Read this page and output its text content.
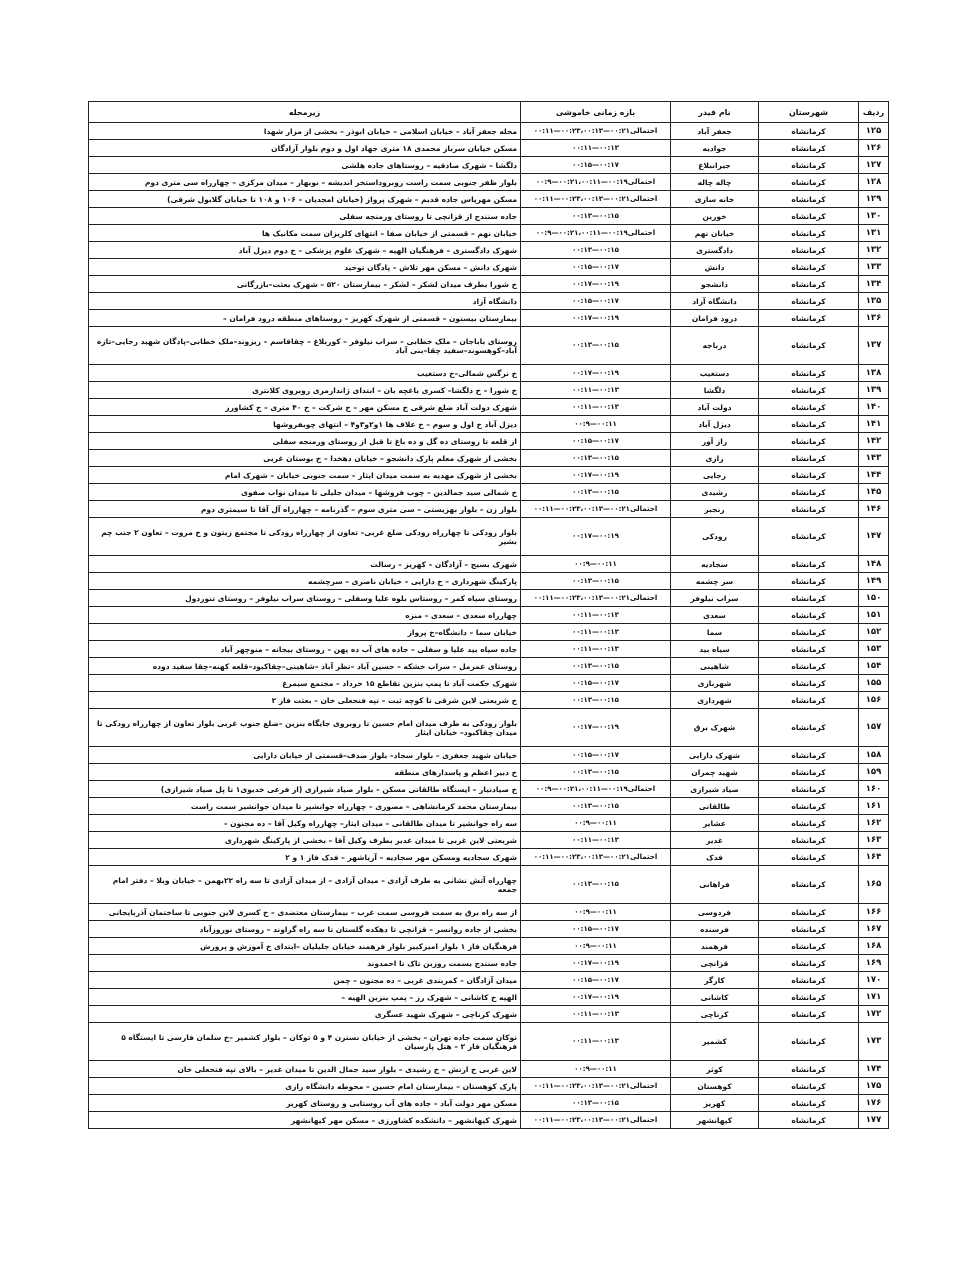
ردیف	شهرستان	نام فیدر	بازه زمانی خاموشی	زیرمحله
۱۲۵	کرمانشاه	جعفر آباد	احتمالی۰۰:۲۱—۰۰:۲۳،۰۰:۱۳—۰۰:۱۱	محله جعفر آباد – خیابان اسلامی – خیابان ابوذر – بخشی از مزار شهدا
۱۲۶	کرمانشاه	جوادیه	۰۰:۱۳—۰۰:۱۱	مسکن خیابان سرباز محمدی ۱۸ متری جهاد اول و دوم بلوار آزادگان
۱۲۷	کرمانشاه	جیرانبلاغ	۰۰:۱۷—۰۰:۱۵	دلگشا – شهرک صادقیه – روستاهای جاده هلشی
۱۲۸	کرمانشاه	چاله چاله	احتمالی۰۰:۱۹—۰۰:۲۱،۰۰:۱۱—۰۰:۹	بلوار ظفر جنوبی سمت راست روبروداستخر اندیشه – نوبهار – میدان مرکزی – چهارراه سی متری دوم
۱۲۹	کرمانشاه	خانه سازی	احتمالی۰۰:۲۱—۰۰:۲۳،۰۰:۱۳—۰۰:۱۱	مسکن مهرپاس جاده قدیم – شهرک پرواز (خیابان امجدیان – ۱۰۶ و ۱۰۸ تا خیابان گلابول شرقی)
۱۳۰	کرمانشاه	خورین	۰۰:۱۵—۰۰:۱۳	جاده سنندج از قزانچی تا روستای ورمنجه سفلی
۱۳۱	کرمانشاه	خیابان نهم	احتمالی۰۰:۱۹—۰۰:۲۱،۰۰:۱۱—۰۰:۹	خیابان نهم – قسمتی از خیابان صفا – انتهای کلریزان سمت مکانیک ها
۱۳۲	کرمانشاه	دادگستری	۰۰:۱۵—۰۰:۱۳	شهرک دادگستری – فرهنگیان الهیه – شهرک علوم پزشکی – خ دوم دیزل آباد
۱۳۳	کرمانشاه	دانش	۰۰:۱۷—۰۰:۱۵	شهرک دانش – مسکن مهر تلاش – پادگان توحید
۱۳۴	کرمانشاه	دانشجو	۰۰:۱۹—۰۰:۱۷	خ شورا بطرف میدان لشکر – لشکر – بیمارستان ۵۲۰ – شهرک بعثت–بازرگانی
۱۳۵	کرمانشاه	دانشگاه آزاد	۰۰:۱۷—۰۰:۱۵	دانشگاه آزاد
۱۳۶	کرمانشاه	درود فرامان	۰۰:۱۹—۰۰:۱۷	بیمارستان بیستون – قسمتی از شهرک کهریز – روستاهای منطقه درود فرامان –
۱۳۷	کرمانشاه	درباجه	۰۰:۱۵—۰۰:۱۳	روستای باباجان – ملک خطابی – سراب نیلوفر – کوربلاغ – چقاقاسم – ریزوند–ملک خطابی–پادگان شهید رجایی–تازه آباد–کوهسوند–سفید چقا–بنی آباد
۱۳۸	کرمانشاه	دستغیب	۰۰:۱۹—۰۰:۱۷	خ نرگس شمالی–خ دستغیب
۱۳۹	کرمانشاه	دلگشا	۰۰:۱۳—۰۰:۱۱	خ شورا – خ دلگشا– کسری باغچه بان – ابتدای ژاندارمری روبروی کلانتری
۱۴۰	کرمانشاه	دولت آباد	۰۰:۱۳—۰۰:۱۱	شهرک دولت آباد ضلع شرقی خ مسکن مهر – خ شرکت – خ ۴۰ متری – خ کشاورز
۱۴۱	کرمانشاه	دیزل آباد	۰۰:۱۱—۰۰:۹	دیزل آباد خ اول و سوم – خ علاف ها ۱و۲و۳و۴ – انتهای چوبفروشها
۱۴۲	کرمانشاه	راز آور	۰۰:۱۷—۰۰:۱۵	از قلعه تا روستای ده گل و ده باغ تا قبل از روستای ورمنجه سفلی
۱۴۳	کرمانشاه	رازی	۰۰:۱۵—۰۰:۱۳	بخشی از شهرک معلم پارک دانشجو – خیابان دهخدا – خ بوستان غربی
۱۴۴	کرمانشاه	رجایی	۰۰:۱۹—۰۰:۱۷	بخشی از شهرک مهدیه به سمت میدان ایثار – سمت جنوبی خیابان – شهرک امام
۱۴۵	کرمانشاه	رشیدی	۰۰:۱۵—۰۰:۱۳	خ شمالی سید جمالدین – چوب فروشها – میدان جلیلی تا میدان نواب صفوی
۱۴۶	کرمانشاه	رنجبر	احتمالی۰۰:۲۱—۰۰:۲۳،۰۰:۱۳—۰۰:۱۱	بلوار زن – بلوار بهزیستی – سی متری سوم – گذرنامه – چهارراه آل آقا تا سیمتری دوم
۱۴۷	کرمانشاه	رودکی	۰۰:۱۹—۰۰:۱۷	بلوار رودکی تا چهارراه رودکی ضلع غربی– تعاون از چهارراه رودکی تا مجتمع زیتون و خ مروت – تعاون ۲ جنب چم بشیر
۱۴۸	کرمانشاه	سجادیه	۰۰:۱۱—۰۰:۹	شهرک بسیج – آزادگان – کهریز – رسالت
۱۴۹	کرمانشاه	سر چشمه	۰۰:۱۵—۰۰:۱۳	پارکینگ شهرداری – خ دارایی – خیابان ناصری – سرچشمه
۱۵۰	کرمانشاه	سراب نیلوفر	احتمالی۰۰:۲۱—۰۰:۲۳،۰۰:۱۳—۰۰:۱۱	روستای سیاه کمر – روستاس بلوه علیا وسفلی – روستای سراب نیلوفر – روستای تنوردول
۱۵۱	کرمانشاه	سعدی	۰۰:۱۳—۰۰:۱۱	چهارراه سعدی – سعدی – منزه
۱۵۲	کرمانشاه	سما	۰۰:۱۳—۰۰:۱۱	خیابان سما – دانشگاه–خ پرواز
۱۵۳	کرمانشاه	سیاه بید	۰۰:۱۳—۰۰:۱۱	جاده سیاه بید علیا و سفلی – جاده های آب ده پهن – روستای بیجانه – منوچهر آباد
۱۵۴	کرمانشاه	شاهینی	۰۰:۱۵—۰۰:۱۳	روستای عمرمل – سراب خشکه – حسین آباد –نظر آباد –شاهینی–چقاکبود–قلعه کهنه–چقا سفید دوده
۱۵۵	کرمانشاه	شهربازی	۰۰:۱۷—۰۰:۱۵	شهرک حکمت آباد تا پمپ بنزین تقاطع ۱۵ خرداد – مجتمع سیمرغ
۱۵۶	کرمانشاه	شهرداری	۰۰:۱۵—۰۰:۱۳	خ شریعتی لاین شرقی تا کوچه ثبت – تپه فتحعلی خان – بعثت فاز ۲
۱۵۷	کرمانشاه	شهرک برق	۰۰:۱۹—۰۰:۱۷	بلوار رودکی به طرف میدان امام حسین تا روبروی جایگاه بنزین –ضلع جنوب غربی بلوار تعاون از چهارراه رودکی تا میدان چقاکبود– خیابان ایثار
۱۵۸	کرمانشاه	شهرک دارایی	۰۰:۱۷—۰۰:۱۵	خیابان شهید جعفری – بلوار سجاد– بلوار صدف–قسمتی از خیابان دارایی
۱۵۹	کرمانشاه	شهید چمران	۰۰:۱۵—۰۰:۱۳	خ دبیر اعظم و پاسدارهای منطقه
۱۶۰	کرمانشاه	صیاد شیرازی	احتمالی۰۰:۱۹—۰۰:۲۱،۰۰:۱۱—۰۰:۹	خ صیادنیار – ایستگاه طالقانی مسکن – بلوار صیاد شیرازی (از فرعی خدیوی۱ تا پل صیاد شیرازی)
۱۶۱	کرمانشاه	طالقانی	۰۰:۱۵—۰۰:۱۳	بیمارستان محمد کرمانشاهی – مصوری – چهارراه جوانشیر تا میدان جوانشیر سمت راست
۱۶۲	کرمانشاه	عشایر	۰۰:۱۱—۰۰:۹	سه راه جوانشیر تا میدان طالقانی – میدان ایثار– چهارراه وکیل آقا – ده مجنون –
۱۶۳	کرمانشاه	غدیر	۰۰:۱۳—۰۰:۱۱	شریعتی لاین غربی تا میدان غدیر بطرف وکیل آقا – بخشی از پارکینگ شهرداری
۱۶۴	کرمانشاه	فدک	احتمالی۰۰:۲۱—۰۰:۲۳،۰۰:۱۳—۰۰:۱۱	شهرک سجادیه ومسکن مهر سجادیه – آریاشهر – فدک فاز ۱ و ۲
۱۶۵	کرمانشاه	فراهانی	۰۰:۱۵—۰۰:۱۳	چهارراه آتش نشانی به طرف آزادی – میدان آزادی – از میدان آزادی تا سه راه ۲۲بهمن – خیابان ویلا – دفتر امام جمعه
۱۶۶	کرمانشاه	فردوسی	۰۰:۱۱—۰۰:۹	از سه راه برق به سمت فروسی سمت غرب – بیمارستان معتضدی – خ کسری لاین جنوبی تا ساختمان آذربایجانی
۱۶۷	کرمانشاه	فرسنده	۰۰:۱۷—۰۰:۱۵	بخشی از جاده روانسر – قزانچی تا دهکده گلستان تا سه راه گراوند – روستای نوروزآباد
۱۶۸	کرمانشاه	فرهمند	۰۰:۱۱—۰۰:۹	فرهنگیان فاز ۱ بلوار امیرکبیر بلوار فرهمند خیابان جلیلیان –ابتدای خ آموزش و پرورش
۱۶۹	کرمانشاه	قزانچی	۰۰:۱۹—۰۰:۱۷	جاده سنندج بسمت روزبن تاک تا احمدوند
۱۷۰	کرمانشاه	کارگر	۰۰:۱۷—۰۰:۱۵	میدان آزادگان – کمربندی غربی – ده مجنون – چمن
۱۷۱	کرمانشاه	کاشانی	۰۰:۱۹—۰۰:۱۷	الهیه خ کاشانی – شهرک رز – پمپ بنزین الهیه –
۱۷۲	کرمانشاه	کرناچی	۰۰:۱۳—۰۰:۱۱	شهرک کرناچی – شهرک شهید عسگری
۱۷۳	کرمانشاه	کشمیر	۰۰:۱۳—۰۰:۱۱	توکان سمت جاده تهران – بخشی از خیابان نسترن ۴ و ۵ توکان – بلوار کشمیر –خ سلمان فارسی تا ایستگاه ۵ فرهنگیان فاز ۲ – هتل پارسیان
۱۷۴	کرمانشاه	کوثر	۰۰:۱۱—۰۰:۹	لاین غربی خ ارتش – خ رشیدی – بلوار سید جمال الدین تا میدان غدیر – بالای تپه فتحعلی خان
۱۷۵	کرمانشاه	کوهستان	احتمالی۰۰:۲۱—۰۰:۲۳،۰۰:۱۳—۰۰:۱۱	پارک کوهستان – بیمارستان امام حسین – محوطه دانشگاه رازی
۱۷۶	کرمانشاه	کهریز	۰۰:۱۵—۰۰:۱۳	مسکن مهر دولت آباد – جاده های آب روستایی و روستای کهریز
۱۷۷	کرمانشاه	کیهانشهر	احتمالی۰۰:۲۱—۰۰:۲۳،۰۰:۱۳—۰۰:۱۱	شهرک کیهانشهر – دانشکده کشاورزی – مسکن مهر کیهانشهر
